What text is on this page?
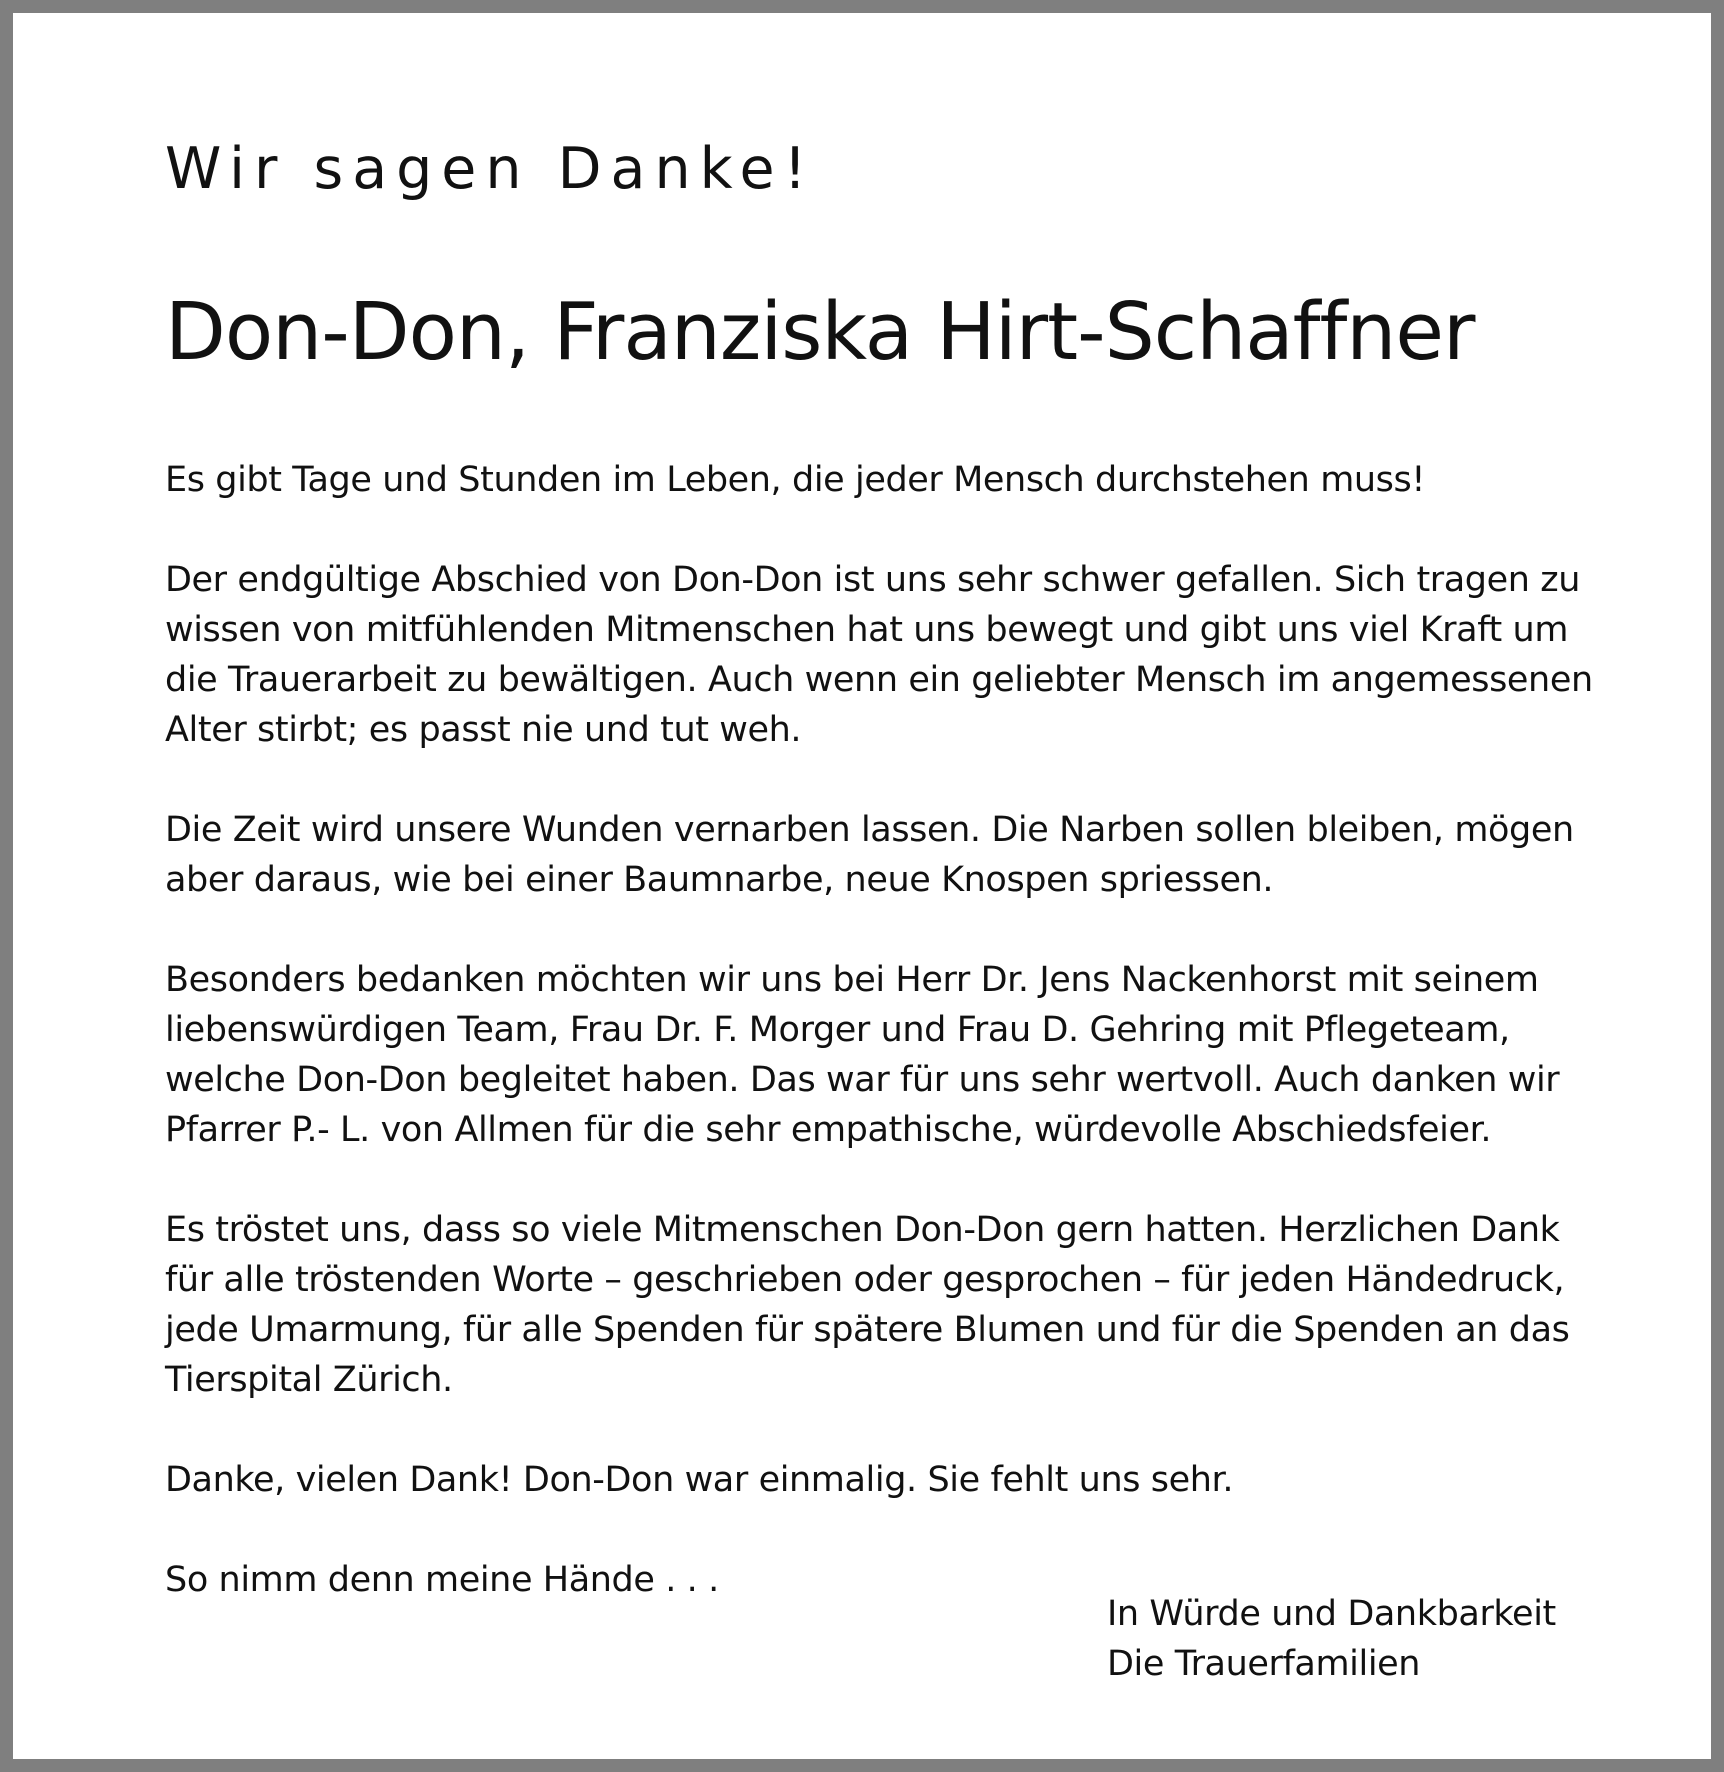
Wir sagen Danke!
Don-Don, Franziska Hirt-Schaffner

Es gibt Tage und Stunden im Leben, die jeder Mensch durchstehen muss!

Der endgültige Abschied von Don-Don ist uns sehr schwer gefallen. Sich tragen zu
wissen von mitfühlenden Mitmenschen hat uns bewegt und gibt uns viel Kraft um
die Trauerarbeit zu bewältigen. Auch wenn ein geliebter Mensch im angemessenen
Alter stirbt; es passt nie und tut weh.

Die Zeit wird unsere Wunden vernarben lassen. Die Narben sollen bleiben, mögen
aber daraus, wie bei einer Baumnarbe, neue Knospen spriessen.

Besonders bedanken möchten wir uns bei Herr Dr. Jens Nackenhorst mit seinem
liebenswürdigen Team, Frau Dr. F. Morger und Frau D. Gehring mit Pflegeteam,
welche Don-Don begleitet haben. Das war für uns sehr wertvoll. Auch danken wir
Pfarrer P.- L. von Allmen für die sehr empathische, würdevolle Abschiedsfeier.

Es tröstet uns, dass so viele Mitmenschen Don-Don gern hatten. Herzlichen Dank
für alle tröstenden Worte – geschrieben oder gesprochen – für jeden Händedruck,
jede Umarmung, für alle Spenden für spätere Blumen und für die Spenden an das
Tierspital Zürich.

Danke, vielen Dank! Don-Don war einmalig. Sie fehlt uns sehr.

So nimm denn meine Hände . . .

In Würde und Dankbarkeit
Die Trauerfamilien
